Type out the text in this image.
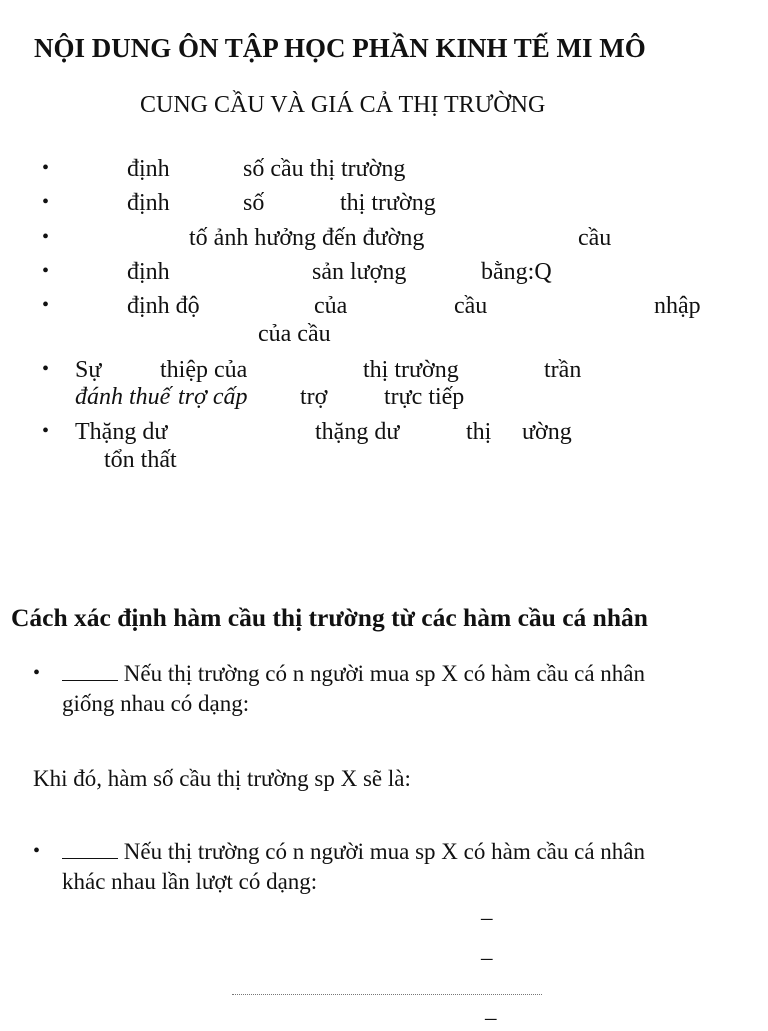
NỘI DUNG ÔN TẬP HỌC PHẦN KINH TẾ MI MÔ
CUNG CẦU VÀ GIÁ CẢ THỊ TRƯỜNG
•	định	số cầu thị trường
•	định	số	thị trường
•	tố ảnh hưởng đến đường	cầu
•	định	sản lượng	bằng:Q
•	định độ	của	cầu	nhập
của cầu
• Sự thiệp của	thị trường	trần
đánh thuế trợ cấp trợ trực tiếp
• Thặng dư	thặng dư	thị ường
tổn thất
Cách xác định hàm cầu thị trường từ các hàm cầu cá nhân
•	Nếu thị trường có n người mua sp X có hàm cầu cá nhân
giống nhau có dạng:
Khi đó, hàm số cầu thị trường sp X sẽ là:
•	Nếu thị trường có n người mua sp X có hàm cầu cá nhân
khác nhau lần lượt có dạng:
–
–
–
